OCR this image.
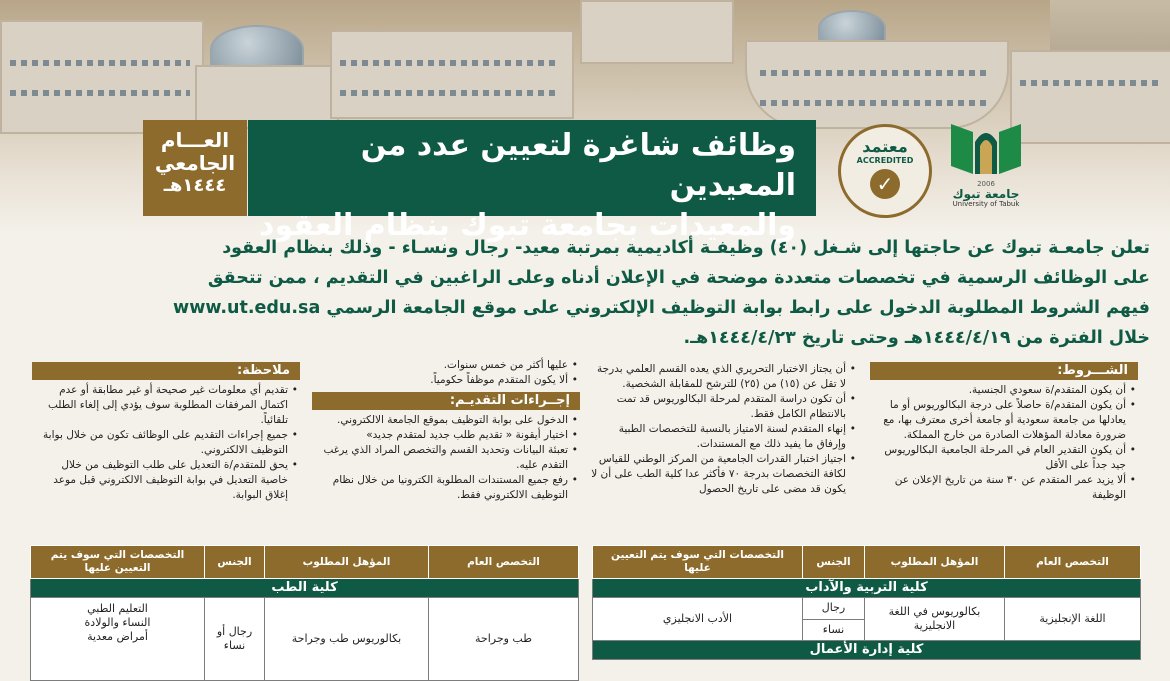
وظائف شاغرة لتعيين عدد من المعيدين
والمعيدات بجامعة تبوك بنظام العقود
العـــام
الجامعي
١٤٤٤هـ
معتمد
ACCREDITED
✓	2006
جامعة تبوك
University of Tabuk
تعلن جامعـة تبوك عن حاجتها إلى شـغل (٤٠) وظيفـة أكاديمية بمرتبة معيد- رجال ونسـاء - وذلك بنظام العقود
على الوظائف الرسمية في تخصصات متعددة موضحة في الإعلان أدناه وعلى الراغبين في التقديم ، ممن تتحقق
فيهم الشروط المطلوبة الدخول على رابط بوابة التوظيف الإلكتروني على موقع الجامعة الرسمي www.ut.edu.sa
خلال الفترة من ١٤٤٤/٤/١٩هـ وحتى تاريخ ١٤٤٤/٤/٢٣هـ.
الشـــروط:
• أن يكون المتقدم/ة سعودي الجنسية.
• أن يكون المتقدم/ة حاصلاً على درجة البكالوريوس أو ما يعادلها من جامعة سعودية أو جامعة أخرى معترف بها، مع ضرورة معادلة المؤهلات الصادرة من خارج المملكة.
• أن يكون التقدير العام في المرحلة الجامعية البكالوريوس جيد جداً على الأقل
• ألا يزيد عمر المتقدم عن ٣٠ سنة من تاريخ الإعلان عن الوظيفة
• أن يجتاز الاختبار التحريري الذي يعده القسم العلمي بدرجة لا تقل عن (١٥) من (٢٥) للترشح للمقابلة الشخصية.
• أن تكون دراسة المتقدم لمرحلة البكالوريوس قد تمت بالانتظام الكامل فقط.
• إنهاء المتقدم لسنة الامتياز بالنسبة للتخصصات الطبية وإرفاق ما يفيد ذلك مع المستندات.
• اجتياز اختبار القدرات الجامعية من المركز الوطني للقياس لكافة التخصصات بدرجة ٧٠ فأكثر عدا كلية الطب على أن لا يكون قد مضى على تاريخ الحصول
• عليها أكثر من خمس سنوات.
• ألا يكون المتقدم موظفاً حكومياً.
إجــراءات التقديـم:
• الدخول على بوابة التوظيف بموقع الجامعة الالكتروني.
• اختيار أيقونة « تقديم طلب جديد لمتقدم جديد»
• تعبئة البيانات وتحديد القسم والتخصص المراد الذي يرغب التقدم عليه.
• رفع جميع المستندات المطلوبة الكترونيا من خلال نظام التوظيف الالكتروني فقط.
ملاحظة:
• تقديم أي معلومات غير صحيحة أو غير مطابقة أو عدم اكتمال المرفقات المطلوبة سوف يؤدي إلى إلغاء الطلب تلقائياً.
• جميع إجراءات التقديم على الوظائف تكون من خلال بوابة التوظيف الالكتروني.
• يحق للمتقدم/ة التعديل على طلب التوظيف من خلال خاصية التعديل في بوابة التوظيف الالكتروني قبل موعد إغلاق البوابة.
التخصص العام	المؤهل المطلوب	الجنس	التخصصات التي سوف يتم التعيين عليها
كلية التربية والآداب			
اللغة الإنجليزية	بكالوريوس في اللغة الانجليزية	رجال	الأدب الانجليزي
		نساء	
كلية إدارة الأعمال			
التخصص العام	المؤهل المطلوب	الجنس	التخصصات التي سوف يتم التعيين عليها
كلية الطب			
طب وجراحة	بكالوريوس طب وجراحة	رجال أو نساء	التعليم الطبي
النساء والولادة
أمراض معدية
